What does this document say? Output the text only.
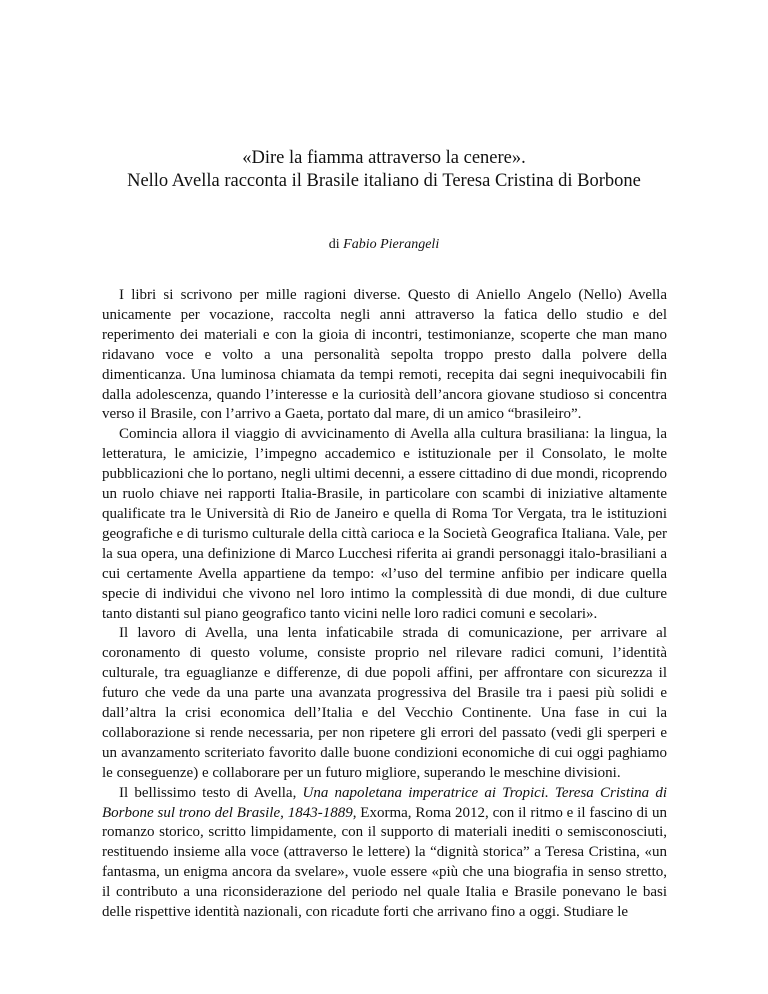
«Dire la fiamma attraverso la cenere».
Nello Avella racconta il Brasile italiano di Teresa Cristina di Borbone
di Fabio Pierangeli

I libri si scrivono per mille ragioni diverse. Questo di Aniello Angelo (Nello) Avella unicamente per vocazione, raccolta negli anni attraverso la fatica dello studio e del reperimento dei materiali e con la gioia di incontri, testimonianze, scoperte che man mano ridavano voce e volto a una personalità sepolta troppo presto dalla polvere della dimenticanza. Una luminosa chiamata da tempi remoti, recepita dai segni inequivocabili fin dalla adolescenza, quando l’interesse e la curiosità dell’ancora giovane studioso si concentra verso il Brasile, con l’arrivo a Gaeta, portato dal mare, di un amico “brasileiro”.

Comincia allora il viaggio di avvicinamento di Avella alla cultura brasiliana: la lingua, la letteratura, le amicizie, l’impegno accademico e istituzionale per il Consolato, le molte pubblicazioni che lo portano, negli ultimi decenni, a essere cittadino di due mondi, ricoprendo un ruolo chiave nei rapporti Italia-Brasile, in particolare con scambi di iniziative altamente qualificate tra le Università di Rio de Janeiro e quella di Roma Tor Vergata, tra le istituzioni geografiche e di turismo culturale della città carioca e la Società Geografica Italiana. Vale, per la sua opera, una definizione di Marco Lucchesi riferita ai grandi personaggi italo-brasiliani a cui certamente Avella appartiene da tempo: «l’uso del termine anfibio per indicare quella specie di individui che vivono nel loro intimo la complessità di due mondi, di due culture tanto distanti sul piano geografico tanto vicini nelle loro radici comuni e secolari».

Il lavoro di Avella, una lenta infaticabile strada di comunicazione, per arrivare al coronamento di questo volume, consiste proprio nel rilevare radici comuni, l’identità culturale, tra eguaglianze e differenze, di due popoli affini, per affrontare con sicurezza il futuro che vede da una parte una avanzata progressiva del Brasile tra i paesi più solidi e dall’altra la crisi economica dell’Italia e del Vecchio Continente. Una fase in cui la collaborazione si rende necessaria, per non ripetere gli errori del passato (vedi gli sperperi e un avanzamento scriteriato favorito dalle buone condizioni economiche di cui oggi paghiamo le conseguenze) e collaborare per un futuro migliore, superando le meschine divisioni.

Il bellissimo testo di Avella, Una napoletana imperatrice ai Tropici. Teresa Cristina di Borbone sul trono del Brasile, 1843-1889, Exorma, Roma 2012, con il ritmo e il fascino di un romanzo storico, scritto limpidamente, con il supporto di materiali inediti o semisconosciuti, restituendo insieme alla voce (attraverso le lettere) la “dignità storica” a Teresa Cristina, «un fantasma, un enigma ancora da svelare», vuole essere «più che una biografia in senso stretto, il contributo a una riconsiderazione del periodo nel quale Italia e Brasile ponevano le basi delle rispettive identità nazionali, con ricadute forti che arrivano fino a oggi. Studiare le
